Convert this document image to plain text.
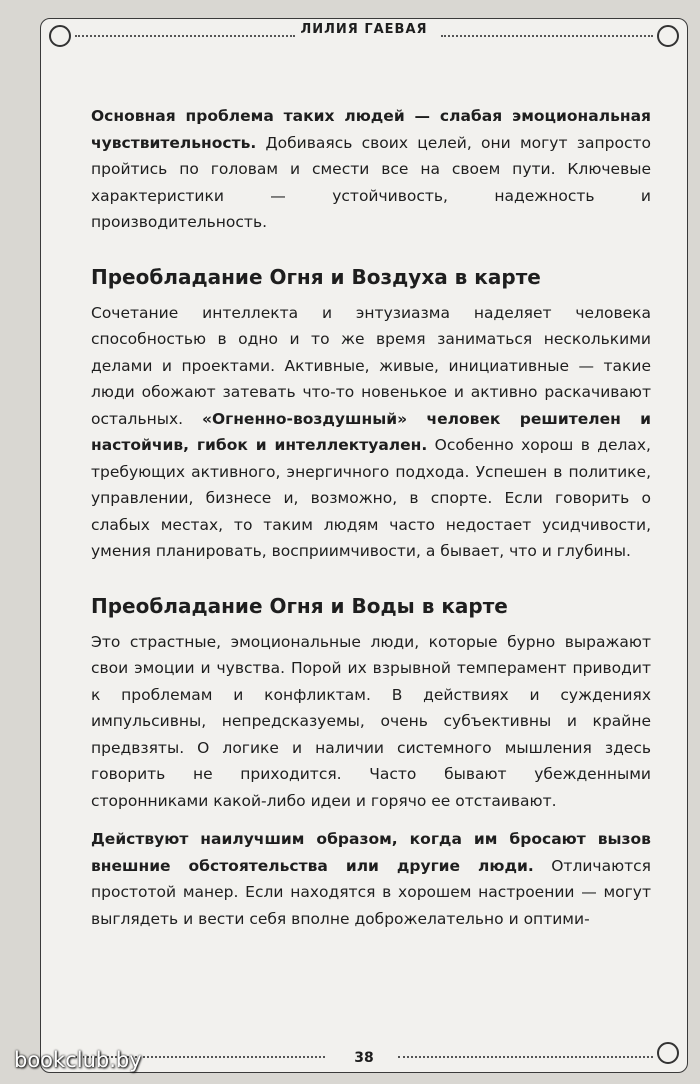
ЛИЛИЯ ГАЕВАЯ

Основная проблема таких людей — слабая эмоциональная чувствительность. Добиваясь своих целей, они могут запросто пройтись по головам и смести все на своем пути. Ключевые характеристики — устойчивость, надежность и производительность.

Преобладание Огня и Воздуха в карте

Сочетание интеллекта и энтузиазма наделяет человека способностью в одно и то же время заниматься несколькими делами и проектами. Активные, живые, инициативные — такие люди обожают затевать что-то новенькое и активно раскачивают остальных. «Огненно-воздушный» человек решителен и настойчив, гибок и интеллектуален. Особенно хорош в делах, требующих активного, энергичного подхода. Успешен в политике, управлении, бизнесе и, возможно, в спорте. Если говорить о слабых местах, то таким людям часто недостает усидчивости, умения планировать, восприимчивости, а бывает, что и глубины.

Преобладание Огня и Воды в карте

Это страстные, эмоциональные люди, которые бурно выражают свои эмоции и чувства. Порой их взрывной темперамент приводит к проблемам и конфликтам. В действиях и суждениях импульсивны, непредсказуемы, очень субъективны и крайне предвзяты. О логике и наличии системного мышления здесь говорить не приходится. Часто бывают убежденными сторонниками какой-либо идеи и горячо ее отстаивают.

Действуют наилучшим образом, когда им бросают вызов внешние обстоятельства или другие люди. Отличаются простотой манер. Если находятся в хорошем настроении — могут выглядеть и вести себя вполне доброжелательно и оптими-

38
bookclub.by
